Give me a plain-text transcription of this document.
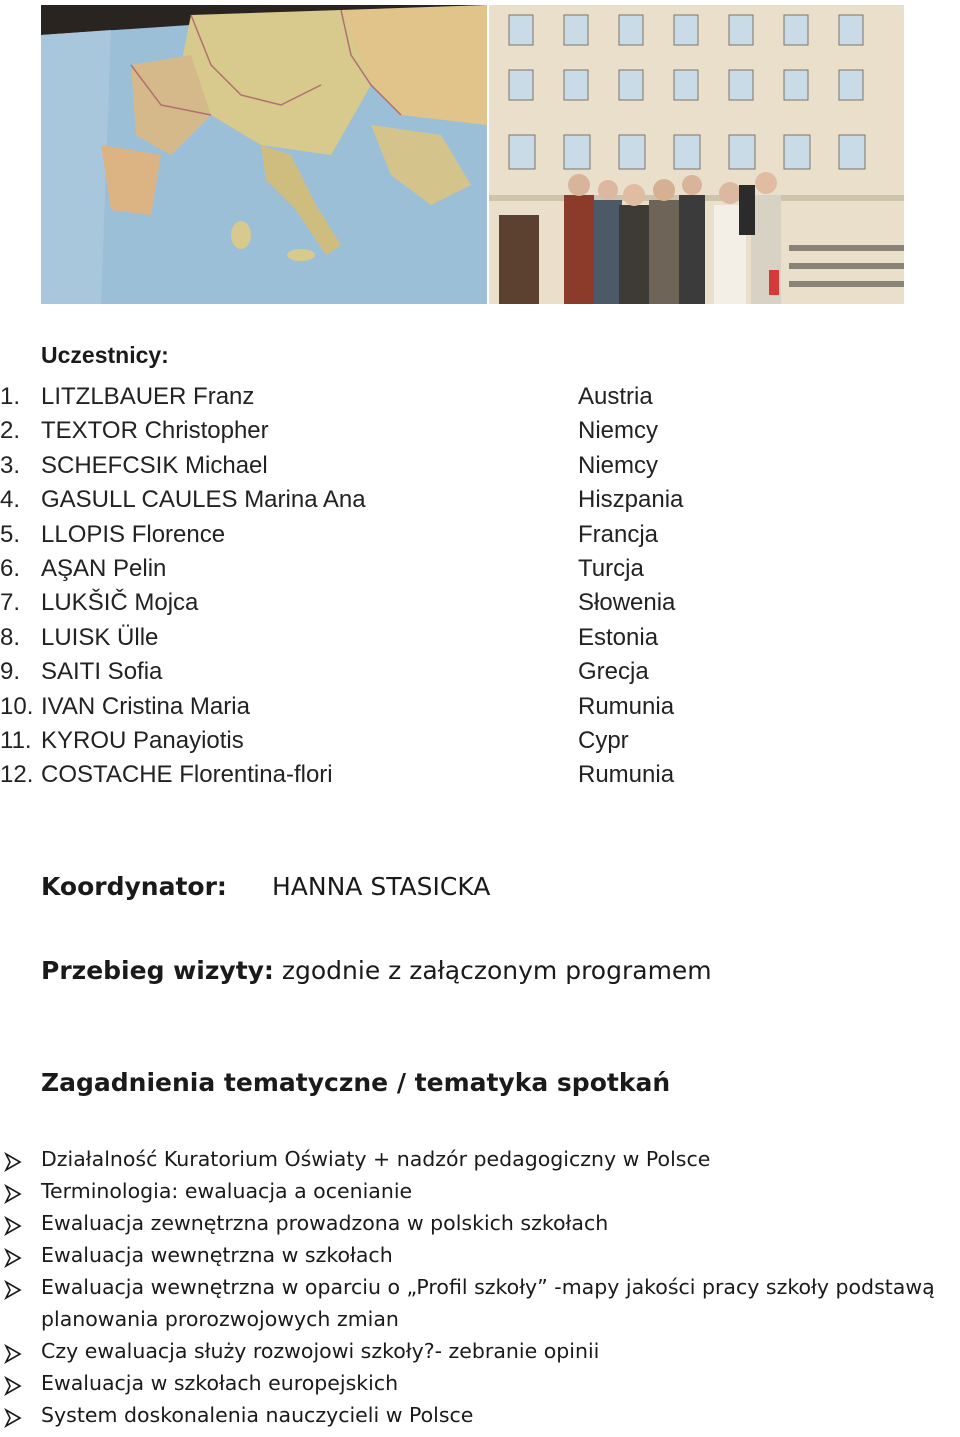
Uczestnicy:
1. LITZLBAUER Franz	Austria
2. TEXTOR Christopher	Niemcy
3. SCHEFCSIK Michael	Niemcy
4. GASULL CAULES Marina Ana	Hiszpania
5. LLOPIS Florence	Francja
6. AŞAN Pelin	Turcja
7. LUKŠIČ Mojca	Słowenia
8. LUISK Ülle	Estonia
9. SAITI Sofia	Grecja
10. IVAN Cristina Maria	Rumunia
11. KYROU Panayiotis	Cypr
12. COSTACHE Florentina-flori	Rumunia
Koordynator: HANNA STASICKA
Przebieg wizyty: zgodnie z załączonym programem
Zagadnienia tematyczne / tematyka spotkań
Działalność Kuratorium Oświaty + nadzór pedagogiczny w Polsce
Terminologia: ewaluacja a ocenianie
Ewaluacja zewnętrzna prowadzona w polskich szkołach
Ewaluacja wewnętrzna w szkołach
Ewaluacja wewnętrzna w oparciu o „Profil szkoły” -mapy jakości pracy szkoły podstawą planowania prorozwojowych zmian
Czy ewaluacja służy rozwojowi szkoły?- zebranie opinii
Ewaluacja w szkołach europejskich
System doskonalenia nauczycieli w Polsce
